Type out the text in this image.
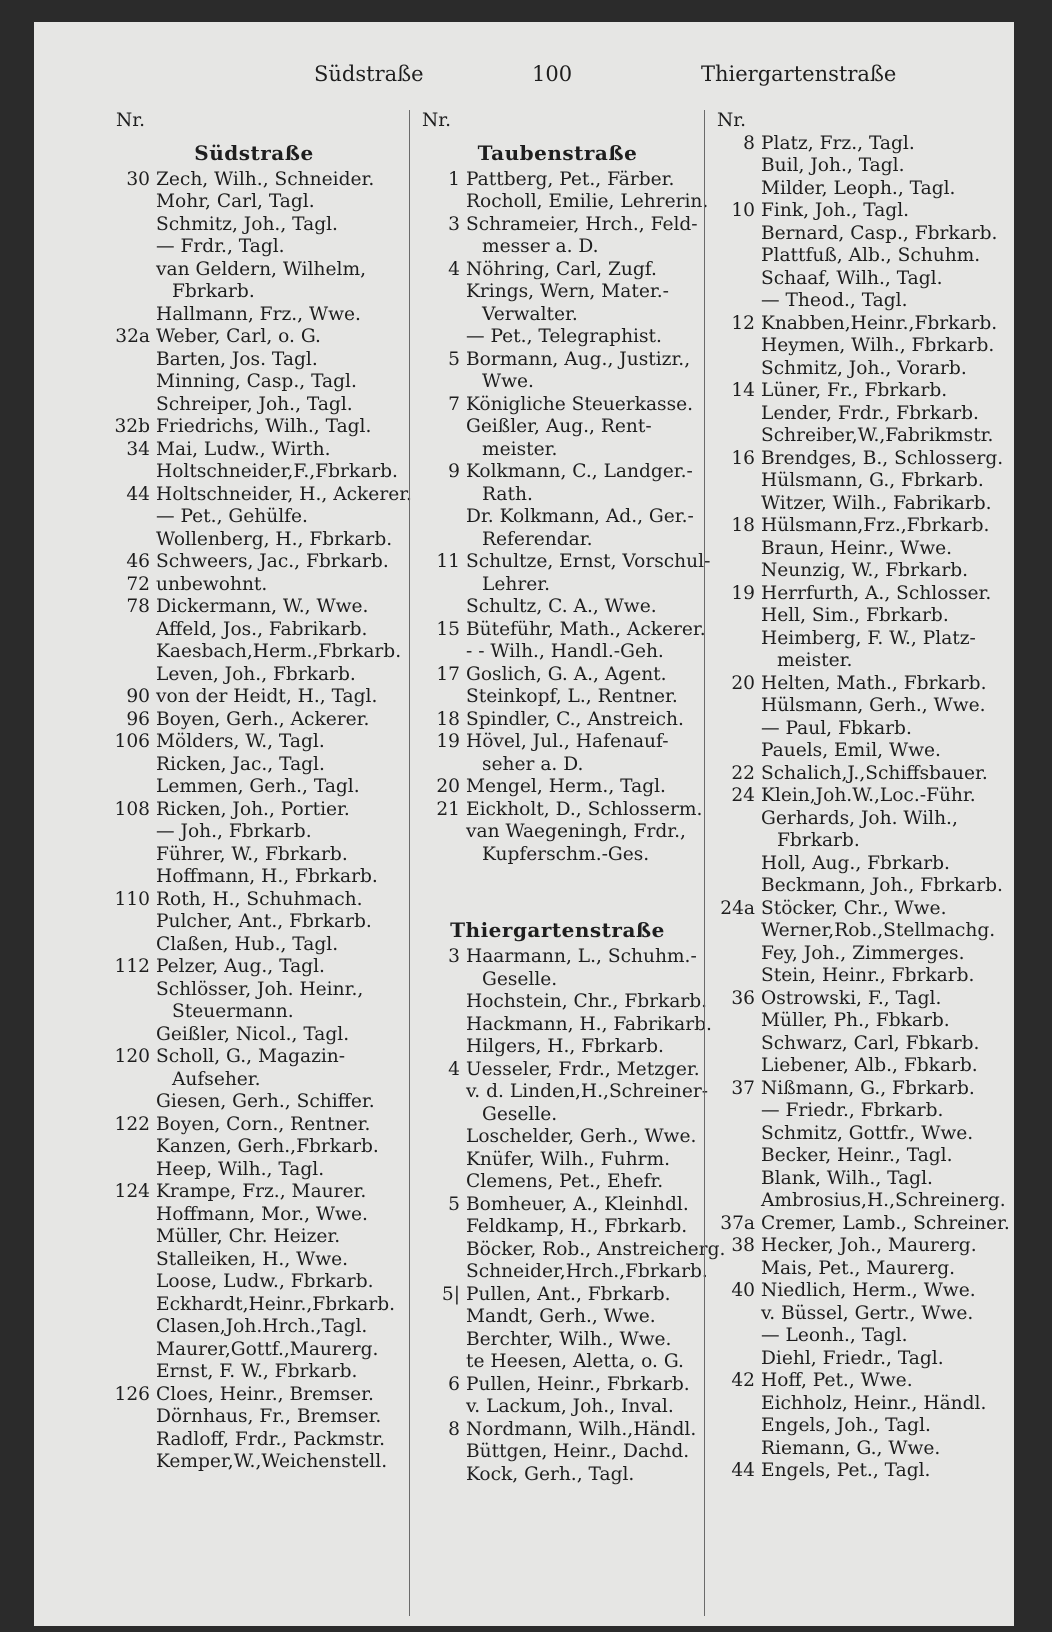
Südstraße	100	Thiergartenstraße
Nr.
Südstraße
30 Zech, Wilh., Schneider.
Mohr, Carl, Tagl.
Schmitz, Joh., Tagl.
— Frdr., Tagl.
van Geldern, Wilhelm,
Fbrkarb.
Hallmann, Frz., Wwe.
32a Weber, Carl, o. G.
Barten, Jos. Tagl.
Minning, Casp., Tagl.
Schreiper, Joh., Tagl.
32b Friedrichs, Wilh., Tagl.
34 Mai, Ludw., Wirth.
Holtschneider,F.,Fbrkarb.
44 Holtschneider, H., Ackerer.
— Pet., Gehülfe.
Wollenberg, H., Fbrkarb.
46 Schweers, Jac., Fbrkarb.
72 unbewohnt.
78 Dickermann, W., Wwe.
Affeld, Jos., Fabrikarb.
Kaesbach,Herm.,Fbrkarb.
Leven, Joh., Fbrkarb.
90 von der Heidt, H., Tagl.
96 Boyen, Gerh., Ackerer.
106 Mölders, W., Tagl.
Ricken, Jac., Tagl.
Lemmen, Gerh., Tagl.
108 Ricken, Joh., Portier.
— Joh., Fbrkarb.
Führer, W., Fbrkarb.
Hoffmann, H., Fbrkarb.
110 Roth, H., Schuhmach.
Pulcher, Ant., Fbrkarb.
Claßen, Hub., Tagl.
112 Pelzer, Aug., Tagl.
Schlösser, Joh. Heinr.,
Steuermann.
Geißler, Nicol., Tagl.
120 Scholl, G., Magazin-
Aufseher.
Giesen, Gerh., Schiffer.
122 Boyen, Corn., Rentner.
Kanzen, Gerh.,Fbrkarb.
Heep, Wilh., Tagl.
124 Krampe, Frz., Maurer.
Hoffmann, Mor., Wwe.
Müller, Chr. Heizer.
Stalleiken, H., Wwe.
Loose, Ludw., Fbrkarb.
Eckhardt,Heinr.,Fbrkarb.
Clasen,Joh.Hrch.,Tagl.
Maurer,Gottf.,Maurerg.
Ernst, F. W., Fbrkarb.
126 Cloes, Heinr., Bremser.
Dörnhaus, Fr., Bremser.
Radloff, Frdr., Packmstr.
Kemper,W.,Weichenstell.
Nr.
Taubenstraße
1 Pattberg, Pet., Färber.
Rocholl, Emilie, Lehrerin.
3 Schrameier, Hrch., Feld-
messer a. D.
4 Nöhring, Carl, Zugf.
Krings, Wern, Mater.-
Verwalter.
— Pet., Telegraphist.
5 Bormann, Aug., Justizr.,
Wwe.
7 Königliche Steuerkasse.
Geißler, Aug., Rent-
meister.
9 Kolkmann, C., Landger.-
Rath.
Dr. Kolkmann, Ad., Ger.-
Referendar.
11 Schultze, Ernst, Vorschul-
Lehrer.
Schultz, C. A., Wwe.
15 Büteführ, Math., Ackerer.
- - Wilh., Handl.-Geh.
17 Goslich, G. A., Agent.
Steinkopf, L., Rentner.
18 Spindler, C., Anstreich.
19 Hövel, Jul., Hafenauf-
seher a. D.
20 Mengel, Herm., Tagl.
21 Eickholt, D., Schlosserm.
van Waegeningh, Frdr.,
Kupferschm.-Ges.
Thiergartenstraße
3 Haarmann, L., Schuhm.-
Geselle.
Hochstein, Chr., Fbrkarb.
Hackmann, H., Fabrikarb.
Hilgers, H., Fbrkarb.
4 Uesseler, Frdr., Metzger.
v. d. Linden,H.,Schreiner-
Geselle.
Loschelder, Gerh., Wwe.
Knüfer, Wilh., Fuhrm.
Clemens, Pet., Ehefr.
5 Bomheuer, A., Kleinhdl.
Feldkamp, H., Fbrkarb.
Böcker, Rob., Anstreicherg.
Schneider,Hrch.,Fbrkarb.
5| Pullen, Ant., Fbrkarb.
Mandt, Gerh., Wwe.
Berchter, Wilh., Wwe.
te Heesen, Aletta, o. G.
6 Pullen, Heinr., Fbrkarb.
v. Lackum, Joh., Inval.
8 Nordmann, Wilh.,Händl.
Büttgen, Heinr., Dachd.
Kock, Gerh., Tagl.
Nr.
8 Platz, Frz., Tagl.
Buil, Joh., Tagl.
Milder, Leoph., Tagl.
10 Fink, Joh., Tagl.
Bernard, Casp., Fbrkarb.
Plattfuß, Alb., Schuhm.
Schaaf, Wilh., Tagl.
— Theod., Tagl.
12 Knabben,Heinr.,Fbrkarb.
Heymen, Wilh., Fbrkarb.
Schmitz, Joh., Vorarb.
14 Lüner, Fr., Fbrkarb.
Lender, Frdr., Fbrkarb.
Schreiber,W.,Fabrikmstr.
16 Brendges, B., Schlosserg.
Hülsmann, G., Fbrkarb.
Witzer, Wilh., Fabrikarb.
18 Hülsmann,Frz.,Fbrkarb.
Braun, Heinr., Wwe.
Neunzig, W., Fbrkarb.
19 Herrfurth, A., Schlosser.
Hell, Sim., Fbrkarb.
Heimberg, F. W., Platz-
meister.
20 Helten, Math., Fbrkarb.
Hülsmann, Gerh., Wwe.
— Paul, Fbkarb.
Pauels, Emil, Wwe.
22 Schalich,J.,Schiffsbauer.
24 Klein,Joh.W.,Loc.-Führ.
Gerhards, Joh. Wilh.,
Fbrkarb.
Holl, Aug., Fbrkarb.
Beckmann, Joh., Fbrkarb.
24a Stöcker, Chr., Wwe.
Werner,Rob.,Stellmachg.
Fey, Joh., Zimmerges.
Stein, Heinr., Fbrkarb.
36 Ostrowski, F., Tagl.
Müller, Ph., Fbkarb.
Schwarz, Carl, Fbkarb.
Liebener, Alb., Fbkarb.
37 Nißmann, G., Fbrkarb.
— Friedr., Fbrkarb.
Schmitz, Gottfr., Wwe.
Becker, Heinr., Tagl.
Blank, Wilh., Tagl.
Ambrosius,H.,Schreinerg.
37a Cremer, Lamb., Schreiner.
38 Hecker, Joh., Maurerg.
Mais, Pet., Maurerg.
40 Niedlich, Herm., Wwe.
v. Büssel, Gertr., Wwe.
— Leonh., Tagl.
Diehl, Friedr., Tagl.
42 Hoff, Pet., Wwe.
Eichholz, Heinr., Händl.
Engels, Joh., Tagl.
Riemann, G., Wwe.
44 Engels, Pet., Tagl.
